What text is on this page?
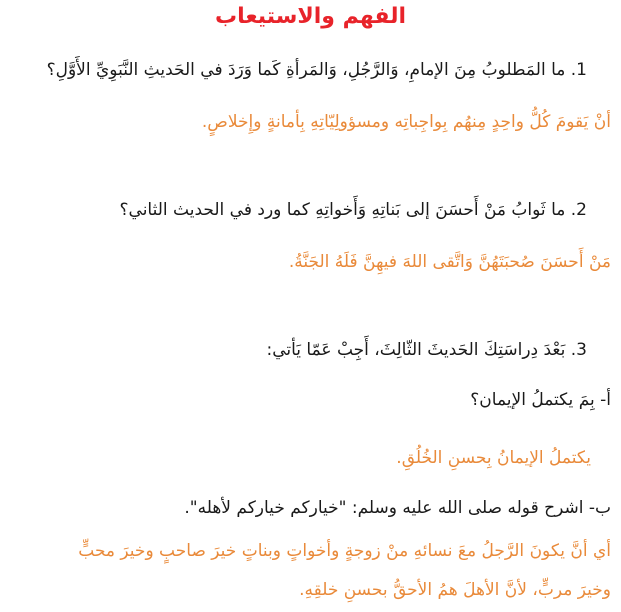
الفهم والاستيعاب
1. ما المَطلوبُ مِنَ الإمامِ، وَالرَّجُلِ، وَالمَرأةِ كَما وَرَدَ في الحَديثِ النَّبَوِيِّ الأَوَّلِ؟
أنْ يَقومَ كُلُّ واحِدٍ مِنهُم بِواجِباتِه ومسؤولِيّاتِهِ بِأمانةٍ وإِخلاصٍ.
2. ما ثَوابُ مَنْ أَحسَنَ إلى بَناتِهِ وَأَخواتِهِ كما ورد في الحديث الثاني؟
مَنْ أَحسَنَ صُحبَتَهُنَّ وَاتَّقى اللهَ فيهِنَّ فَلَهُ الجَنَّةُ.
3. بَعْدَ دِراسَتِكَ الحَديثَ الثّالِثَ، أَجِبْ عَمّا يَأتي:
أ- بِمَ يكتملُ الإيمان؟
يكتملُ الإيمانُ بِحسنِ الخُلُقِ.
ب- اشرح قوله صلى الله عليه وسلم: "خياركم خياركم لأهله".
أي أنَّ يكونَ الرَّجلُ معَ نسائهِ منْ زوجةٍ وأخواتٍ وبناتٍ خيرَ صاحبٍ وخيرَ محبٍّ
وخيرَ مربٍّ، لأنَّ الأهلَ همُ الأحقُّ بحسنِ خلقِهِ.
